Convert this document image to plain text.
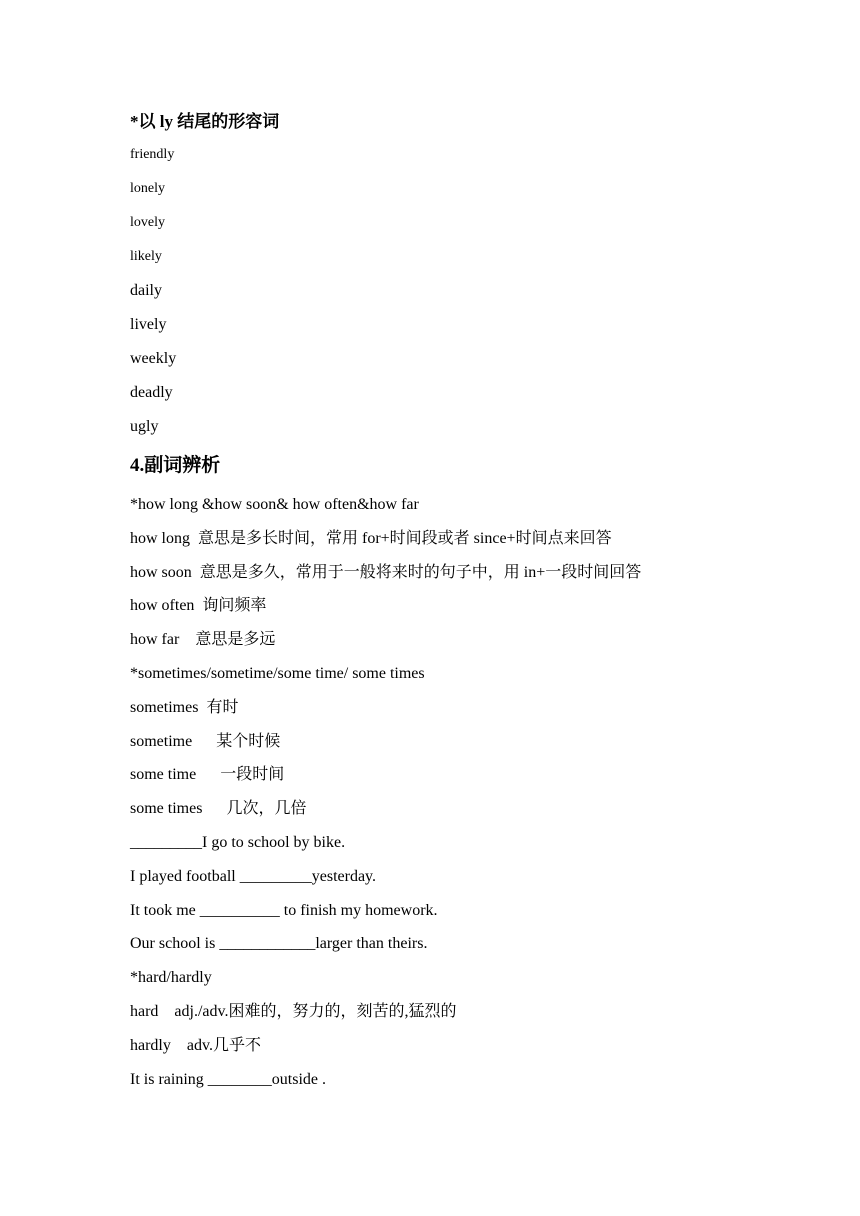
*以 ly 结尾的形容词
friendly
lonely
lovely
likely
daily
lively
weekly
deadly
ugly
4.副词辨析
*how long &how soon& how often&how far
how long  意思是多长时间，常用 for+时间段或者 since+时间点来回答
how soon  意思是多久，常用于一般将来时的句子中，用 in+一段时间回答
how often  询问频率
how far    意思是多远
*sometimes/sometime/some time/ some times
sometimes  有时
sometime      某个时候
some time      一段时间
some times      几次，几倍
_________I go to school by bike.
I played football _________yesterday.
It took me __________ to finish my homework.
Our school is ____________larger than theirs.
*hard/hardly
hard    adj./adv.困难的，努力的，刻苦的,猛烈的
hardly    adv.几乎不
It is raining ________outside .
